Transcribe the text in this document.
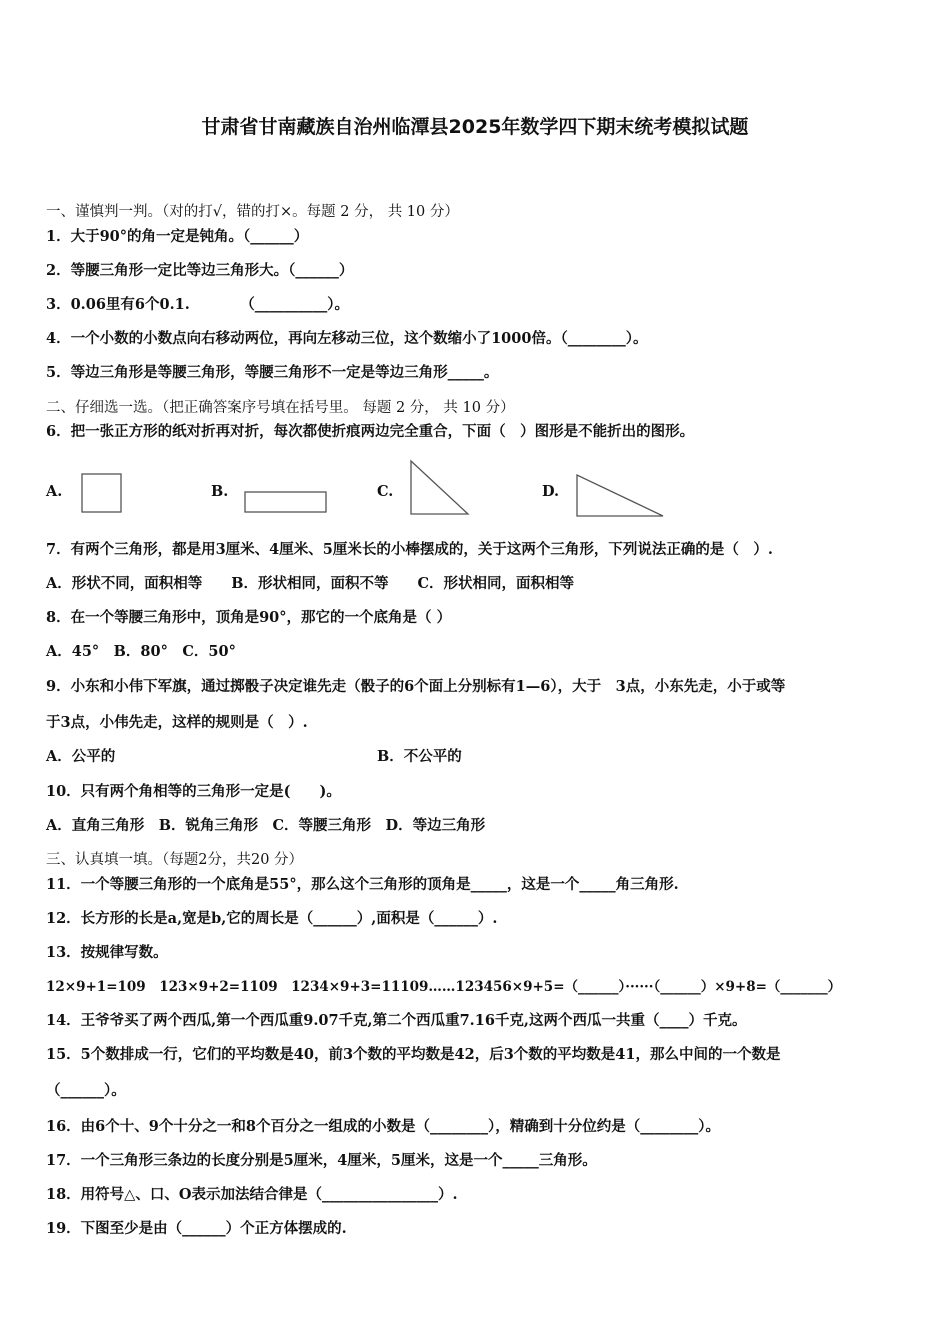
甘肃省甘南藏族自治州临潭县2025年数学四下期末统考模拟试题
一、谨慎判一判。（对的打√，错的打×。每题 2 分， 共 10 分）
1．大于90°的角一定是钝角。（______）
2．等腰三角形一定比等边三角形大。（______）
3．0.06里有6个0.1.          （__________）。
4．一个小数的小数点向右移动两位，再向左移动三位，这个数缩小了1000倍。（________）。
5．等边三角形是等腰三角形，等腰三角形不一定是等边三角形_____。
二、仔细选一选。（把正确答案序号填在括号里。 每题 2 分， 共 10 分）
6．把一张正方形的纸对折再对折，每次都使折痕两边完全重合，下面（　）图形是不能折出的图形。
A.	B.	C.	D.
7．有两个三角形，都是用3厘米、4厘米、5厘米长的小棒摆成的，关于这两个三角形，下列说法正确的是（　）.
A．形状不同，面积相等　　B．形状相同，面积不等　　C．形状相同，面积相等
8．在一个等腰三角形中，顶角是90°，那它的一个底角是（ ）
A．45°　B．80°　C．50°
9．小东和小伟下军旗，通过掷骰子决定谁先走（骰子的6个面上分别标有1—6），大于　3点，小东先走，小于或等
于3点，小伟先走，这样的规则是（　）.
A．公平的	B．不公平的
10．只有两个角相等的三角形一定是(　　)。
A．直角三角形　B．锐角三角形　C．等腰三角形　D．等边三角形
三、认真填一填。（每题2分，共20 分）
11．一个等腰三角形的一个底角是55°，那么这个三角形的顶角是_____，这是一个_____角三角形.
12．长方形的长是a,宽是b,它的周长是（______）,面积是（______）.
13．按规律写数。
12×9+1=109　123×9+2=1109　1234×9+3=11109……123456×9+5=（______）······（______）×9+8=（_______）
14．王爷爷买了两个西瓜,第一个西瓜重9.07千克,第二个西瓜重7.16千克,这两个西瓜一共重（____）千克。
15．5个数排成一行，它们的平均数是40，前3个数的平均数是42，后3个数的平均数是41，那么中间的一个数是
（______）。
16．由6个十、9个十分之一和8个百分之一组成的小数是（________），精确到十分位约是（________）。
17．一个三角形三条边的长度分别是5厘米，4厘米，5厘米，这是一个_____三角形。
18．用符号△、口、O表示加法结合律是（________________）.
19．下图至少是由（______）个正方体摆成的.
